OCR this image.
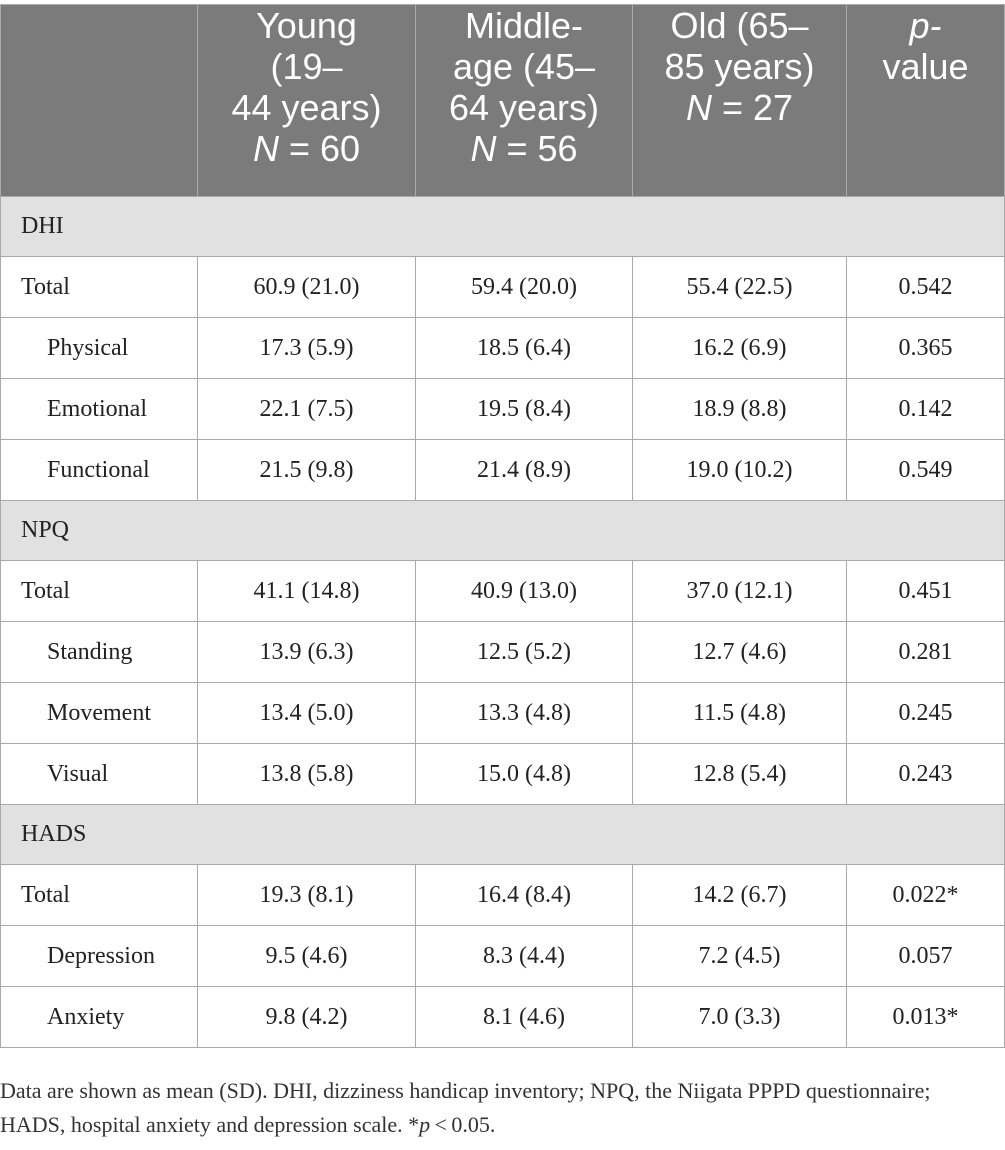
	Young
(19–
44 years)
N = 60	Middle-
age (45–
64 years)
N = 56	Old (65–
85 years)
N = 27	p-
value

DHI				
Total	60.9 (21.0)	59.4 (20.0)	55.4 (22.5)	0.542
Physical	17.3 (5.9)	18.5 (6.4)	16.2 (6.9)	0.365
Emotional	22.1 (7.5)	19.5 (8.4)	18.9 (8.8)	0.142
Functional	21.5 (9.8)	21.4 (8.9)	19.0 (10.2)	0.549
NPQ				
Total	41.1 (14.8)	40.9 (13.0)	37.0 (12.1)	0.451
Standing	13.9 (6.3)	12.5 (5.2)	12.7 (4.6)	0.281
Movement	13.4 (5.0)	13.3 (4.8)	11.5 (4.8)	0.245
Visual	13.8 (5.8)	15.0 (4.8)	12.8 (5.4)	0.243
HADS				
Total	19.3 (8.1)	16.4 (8.4)	14.2 (6.7)	0.022*
Depression	9.5 (4.6)	8.3 (4.4)	7.2 (4.5)	0.057
Anxiety	9.8 (4.2)	8.1 (4.6)	7.0 (3.3)	0.013*
Data are shown as mean (SD). DHI, dizziness handicap inventory; NPQ, the Niigata PPPD questionnaire; HADS, hospital anxiety and depression scale. *p < 0.05.
